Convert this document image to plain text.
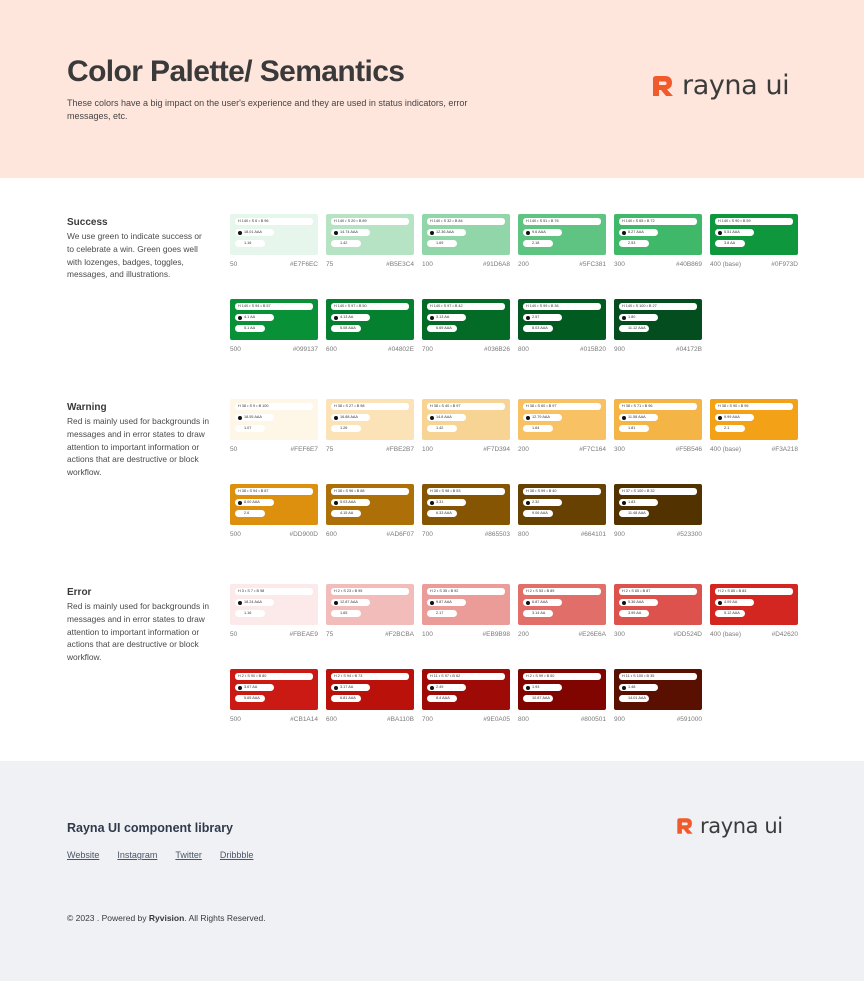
Color Palette/ Semantics

These colors have a big impact on the user's experience and they are used in status indicators, error messages, etc.

rayna ui
Success
We use green to indicate success or to celebrate a win. Green goes well with lozenges, badges, toggles, messages, and illustrations.
H 140 • S 6 • B 96
18.01 AAA
1.16
50	#E7F6EC
H 140 • S 20 • B 89
14.74 AAA
1.42
75	#B5E3C4
H 140 • S 32 • B 84
12.36 AAA
1.69
100	#91D6A8
H 140 • S 51 • B 76
9.6 AAA
2.18
200	#5FC381
H 140 • S 65 • B 72
8.27 AAA
2.53
300	#40B869
H 140 • S 90 • B 59
5.51 AAA
3.8 AA
400 (base)	#0F973D
H 140 • S 94 • B 57
4.1 AA
5.1 AA
500	#099137
H 140 • S 97 • B 50
4.13 AA
5.08 AAA
600	#04802E
H 140 • S 97 • B 42
3.13 AA
6.69 AAA
700	#036B26
H 140 • S 99 • B 36
2.57
8.03 AAA
800	#015B20
H 140 • S 100 • B 27
1.80
11.12 AAA
900	#04172B
Warning
Red is mainly used for backgrounds in messages and in error states to draw attention to important information or actions that are destructive or block workflow.
H 38 • S 9 • B 100
18.55 AAA
1.07
50	#FEF6E7
H 38 • S 27 • B 98
16.88 AAA
1.26
75	#FBE2B7
H 38 • S 40 • B 97
14.8 AAA
1.42
100	#F7D394
H 38 • S 60 • B 97
12.79 AAA
1.64
200	#F7C164
H 38 • S 71 • B 96
11.58 AAA
1.81
300	#F5B546
H 38 • S 90 • B 95
9.99 AAA
2.1
400 (base)	#F3A218
H 38 • S 94 • B 87
8.00 AAA
2.6
500	#DD900D
H 38 • S 96 • B 68
5.03 AAA
4.15 AA
600	#AD6F07
H 38 • S 98 • B 53
3.31
6.33 AAA
700	#865503
H 38 • S 99 • B 40
2.32
9.06 AAA
800	#664101
H 37 • S 100 • B 32
1.83
11.48 AAA
900	#523300
Error
Red is mainly used for backgrounds in messages and in error states to draw attention to important information or actions that are destructive or block workflow.
H 3 • S 7 • B 98
18.24 AAA
1.16
50	#FBEAE9
H 2 • S 23 • B 95
12.87 AAA
1.65
75	#F2BCBA
H 2 • S 35 • B 92
9.87 AAA
2.17
100	#EB9B98
H 2 • S 53 • B 89
6.87 AAA
3.14 AA
200	#E26E6A
H 2 • S 65 • B 87
5.36 AAA
3.99 AA
300	#DD524D
H 2 • S 85 • B 83
4.09 AA
5.12 AAA
400 (base)	#D42620
H 2 • S 90 • B 80
3.67 AA
5.65 AAA
500	#CB1A14
H 2 • S 94 • B 73
3.17 AA
6.81 AAA
600	#BA110B
H 11 • S 97 • B 62
2.49
8.4 AAA
700	#9E0A05
H 2 • S 99 • B 50
1.93
10.87 AAA
800	#800501
H 11 • S 100 • B 35
1.48
14.01 AAA
900	#591000
Rayna UI component library	rayna ui
Website Instagram Twitter Dribbble
© 2023 . Powered by Ryvision. All Rights Reserved.
